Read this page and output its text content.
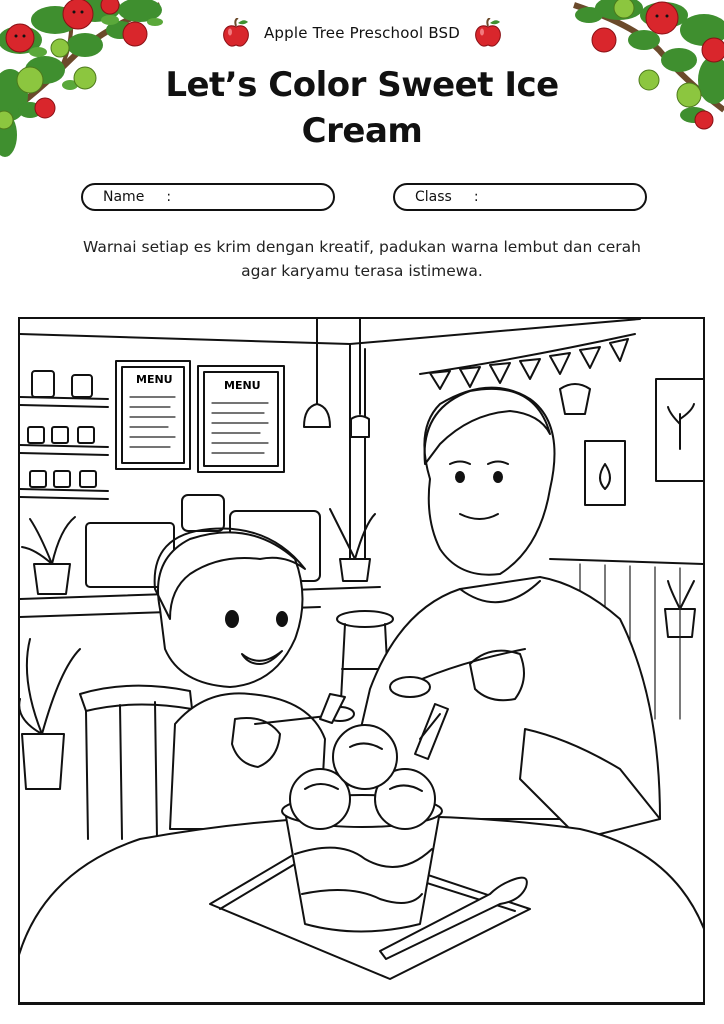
Apple Tree Preschool BSD
Let’s Color Sweet Ice Cream
Name :	Class :
Warnai setiap es krim dengan kreatif, padukan warna lembut dan cerah agar karyamu terasa istimewa.
MENU	MENU
